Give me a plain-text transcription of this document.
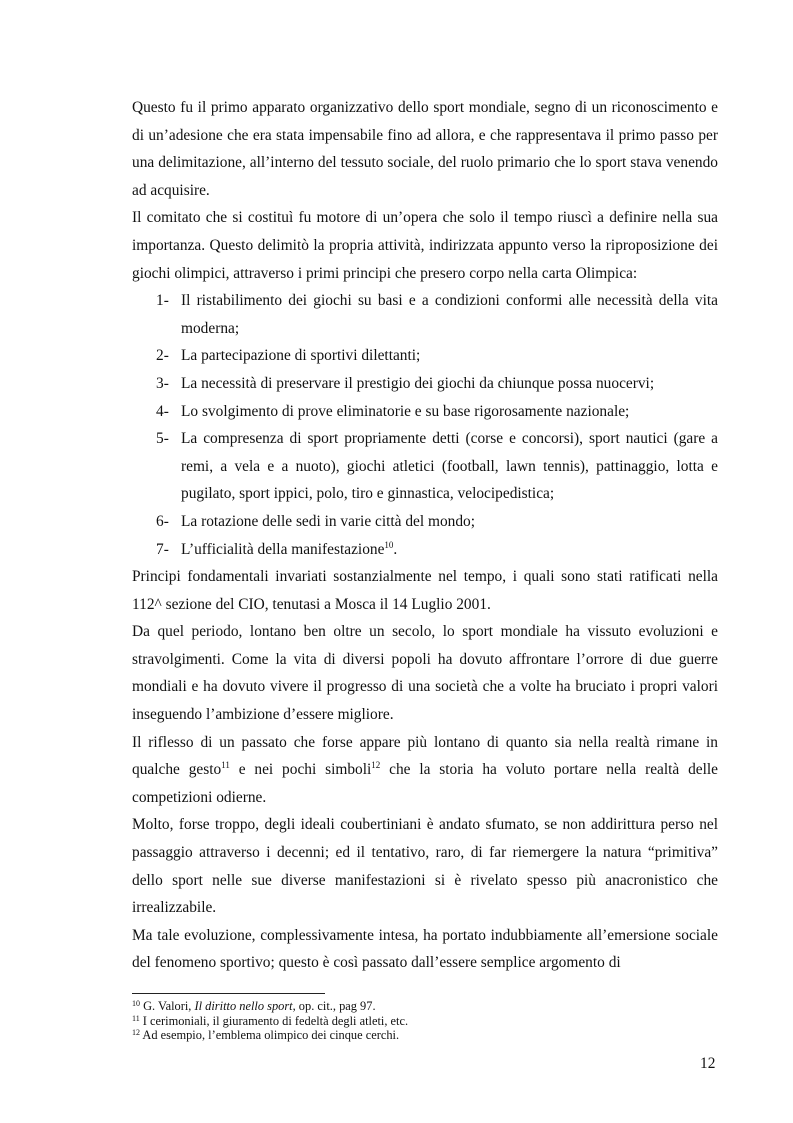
Questo fu il primo apparato organizzativo dello sport mondiale, segno di un riconoscimento e di un’adesione che era stata impensabile fino ad allora, e che rappresentava il primo passo per una delimitazione, all’interno del tessuto sociale, del ruolo primario che lo sport stava venendo ad acquisire.

Il comitato che si costituì fu motore di un’opera che solo il tempo riuscì a definire nella sua importanza. Questo delimitò la propria attività, indirizzata appunto verso la riproposizione dei giochi olimpici, attraverso i primi principi che presero corpo nella carta Olimpica:

1- Il ristabilimento dei giochi su basi e a condizioni conformi alle necessità della vita moderna;
2- La partecipazione di sportivi dilettanti;
3- La necessità di preservare il prestigio dei giochi da chiunque possa nuocervi;
4- Lo svolgimento di prove eliminatorie e su base rigorosamente nazionale;
5- La compresenza di sport propriamente detti (corse e concorsi), sport nautici (gare a remi, a vela e a nuoto), giochi atletici (football, lawn tennis), pattinaggio, lotta e pugilato, sport ippici, polo, tiro e ginnastica, velocipedistica;
6- La rotazione delle sedi in varie città del mondo;
7- L’ufficialità della manifestazione$^{10}$.

Principi fondamentali invariati sostanzialmente nel tempo, i quali sono stati ratificati nella 112^ sezione del CIO, tenutasi a Mosca il 14 Luglio 2001.

Da quel periodo, lontano ben oltre un secolo, lo sport mondiale ha vissuto evoluzioni e stravolgimenti. Come la vita di diversi popoli ha dovuto affrontare l’orrore di due guerre mondiali e ha dovuto vivere il progresso di una società che a volte ha bruciato i propri valori inseguendo l’ambizione d’essere migliore.

Il riflesso di un passato che forse appare più lontano di quanto sia nella realtà rimane in qualche gesto$^{11}$ e nei pochi simboli$^{12}$ che la storia ha voluto portare nella realtà delle competizioni odierne.

Molto, forse troppo, degli ideali coubertiniani è andato sfumato, se non addirittura perso nel passaggio attraverso i decenni; ed il tentativo, raro, di far riemergere la natura “primitiva” dello sport nelle sue diverse manifestazioni si è rivelato spesso più anacronistico che irrealizzabile.

Ma tale evoluzione, complessivamente intesa, ha portato indubbiamente all’emersione sociale del fenomeno sportivo; questo è così passato dall’essere semplice argomento di

$^{10}$ G. Valori, Il diritto nello sport, op. cit., pag 97.
$^{11}$ I cerimoniali, il giuramento di fedeltà degli atleti, etc.
$^{12}$ Ad esempio, l’emblema olimpico dei cinque cerchi.
12
